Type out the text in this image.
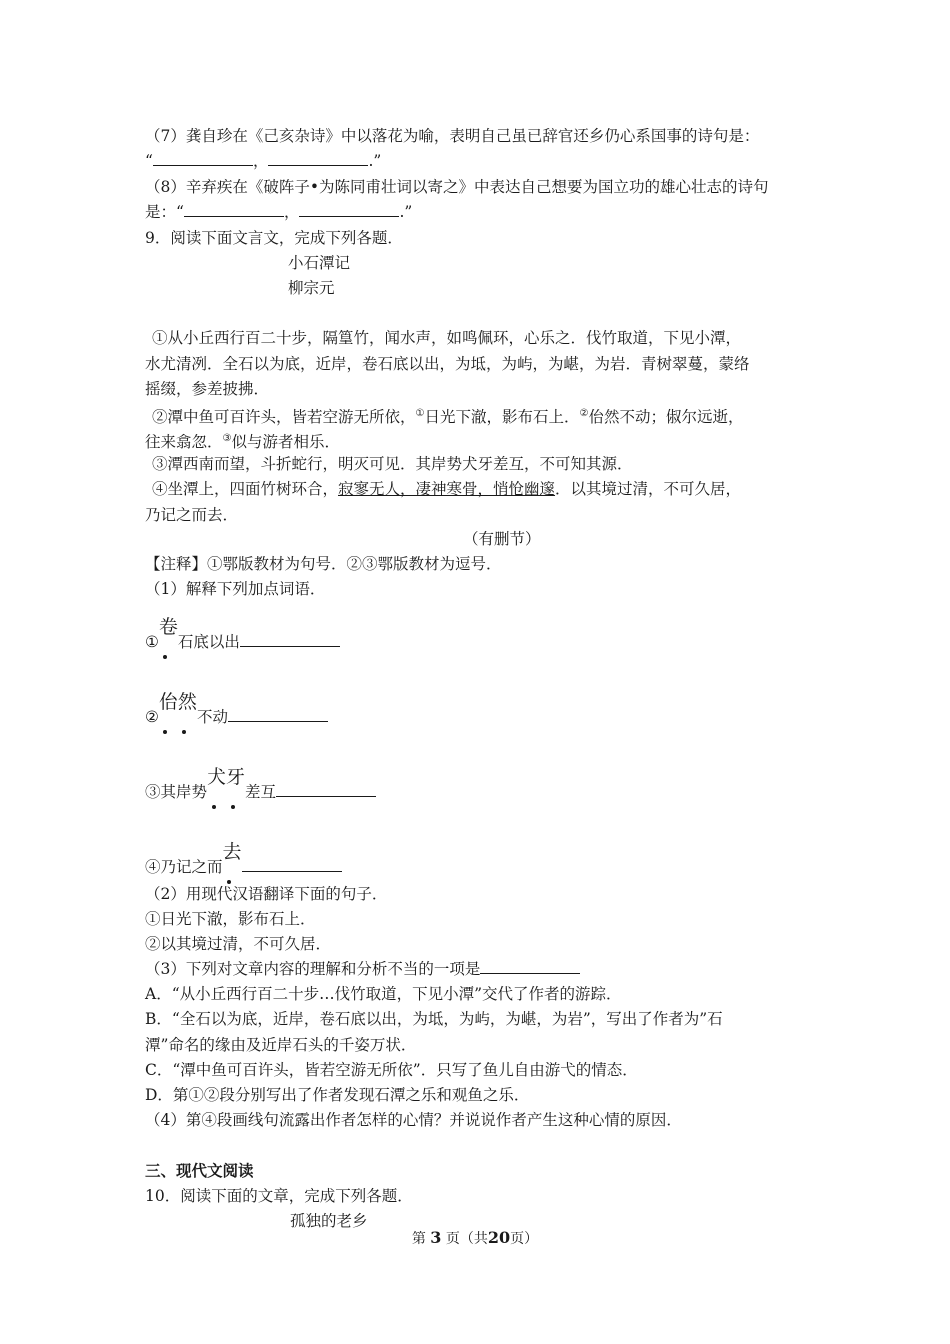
（7）龚自珍在《己亥杂诗》中以落花为喻，表明自己虽已辞官还乡仍心系国事的诗句是：
“	，	.”
（8）辛弃疾在《破阵子•为陈同甫壮词以寄之》中表达自己想要为国立功的雄心壮志的诗句
是：“	，	.”
9．阅读下面文言文，完成下列各题．
小石潭记
柳宗元
①从小丘西行百二十步，隔篁竹，闻水声，如鸣佩环，心乐之．伐竹取道，下见小潭，
水尤清冽．全石以为底，近岸，卷石底以出，为坻，为屿，为嵁，为岩．青树翠蔓，蒙络
摇缀，参差披拂．
②潭中鱼可百许头，皆若空游无所依，①日光下澈，影布石上．②佁然不动；俶尔远逝，
往来翕忽．③似与游者相乐．
③潭西南而望，斗折蛇行，明灭可见．其岸势犬牙差互，不可知其源．
④坐潭上，四面竹树环合，寂寥无人，凄神寒骨，悄怆幽邃．以其境过清，不可久居，
乃记之而去．
（有删节）
【注释】①鄂版教材为句号．②③鄂版教材为逗号．
（1）解释下列加点词语．
①卷
石底以出
②佁
然
不动
③其岸势犬
牙
差互
④乃记之而去
（2）用现代汉语翻译下面的句子．
①日光下澈，影布石上．
②以其境过清，不可久居．
（3）下列对文章内容的理解和分析不当的一项是
A．“从小丘西行百二十步…伐竹取道，下见小潭”交代了作者的游踪．
B．“全石以为底，近岸，卷石底以出，为坻，为屿，为嵁，为岩”，写出了作者为”石
潭”命名的缘由及近岸石头的千姿万状．
C．“潭中鱼可百许头，皆若空游无所依”．只写了鱼儿自由游弋的情态．
D．第①②段分别写出了作者发现石潭之乐和观鱼之乐．
（4）第④段画线句流露出作者怎样的心情？并说说作者产生这种心情的原因．
三、现代文阅读
10．阅读下面的文章，完成下列各题．
孤独的老乡
第 3 页（共20页）
